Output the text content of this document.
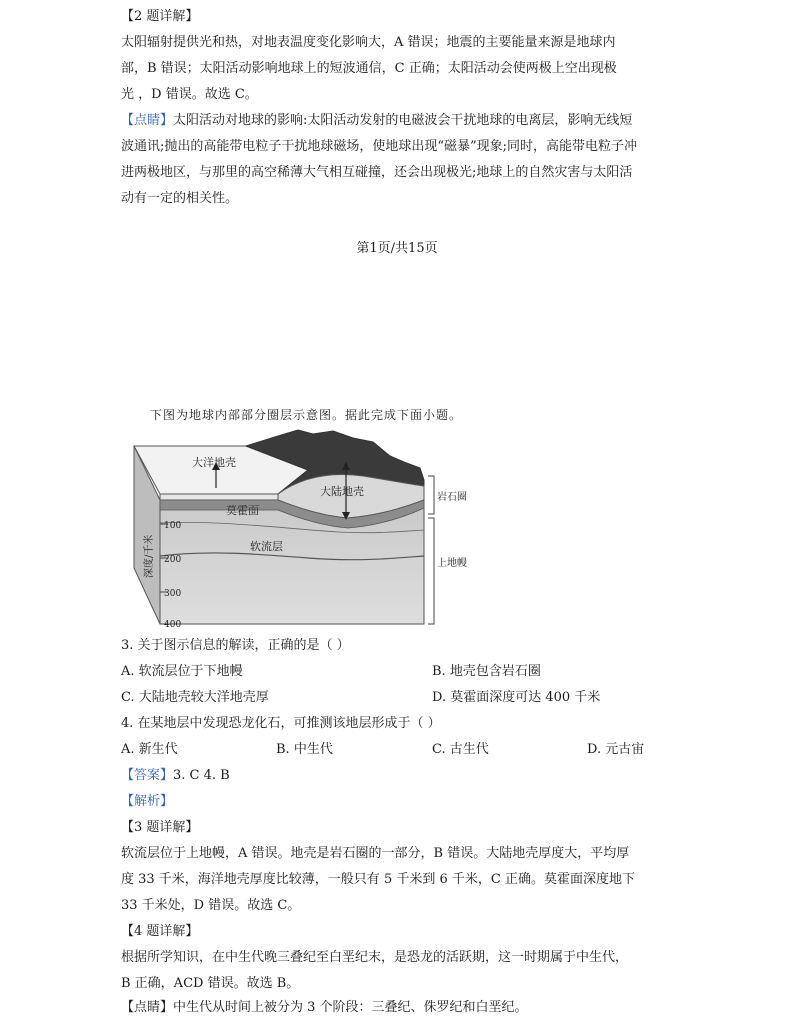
【2 题详解】
太阳辐射提供光和热，对地表温度变化影响大，A 错误；地震的主要能量来源是地球内
部，B 错误；太阳活动影响地球上的短波通信，C 正确；太阳活动会使两极上空出现极
光 ，D 错误。故选 C。
【点睛】太阳活动对地球的影响:太阳活动发射的电磁波会干扰地球的电离层，影响无线短
波通讯;抛出的高能带电粒子干扰地球磁场，使地球出现“磁暴”现象;同时，高能带电粒子冲
进两极地区，与那里的高空稀薄大气相互碰撞，还会出现极光;地球上的自然灾害与太阳活
动有一定的相关性。
第1页/共15页
下图为地球内部部分圈层示意图。据此完成下面小题。
大洋地壳
大陆地壳
莫霍面
软流层
深度/千米
100
200
300
400
岩石圈
上地幔
3. 关于图示信息的解读，正确的是（ ）
A. 软流层位于下地幔	B. 地壳包含岩石圈
C. 大陆地壳较大洋地壳厚	D. 莫霍面深度可达 400 千米
4. 在某地层中发现恐龙化石，可推测该地层形成于（ ）
A. 新生代	B. 中生代	C. 古生代	D. 元古宙
【答案】3. C 4. B
【解析】
【3 题详解】
软流层位于上地幔，A 错误。地壳是岩石圈的一部分，B 错误。大陆地壳厚度大，平均厚
度 33 千米，海洋地壳厚度比较薄，一般只有 5 千米到 6 千米，C 正确。莫霍面深度地下
33 千米处，D 错误。故选 C。
【4 题详解】
根据所学知识，在中生代晚三叠纪至白垩纪末，是恐龙的活跃期，这一时期属于中生代，
B 正确，ACD 错误。故选 B。
【点睛】中生代从时间上被分为 3 个阶段：三叠纪、侏罗纪和白垩纪。
